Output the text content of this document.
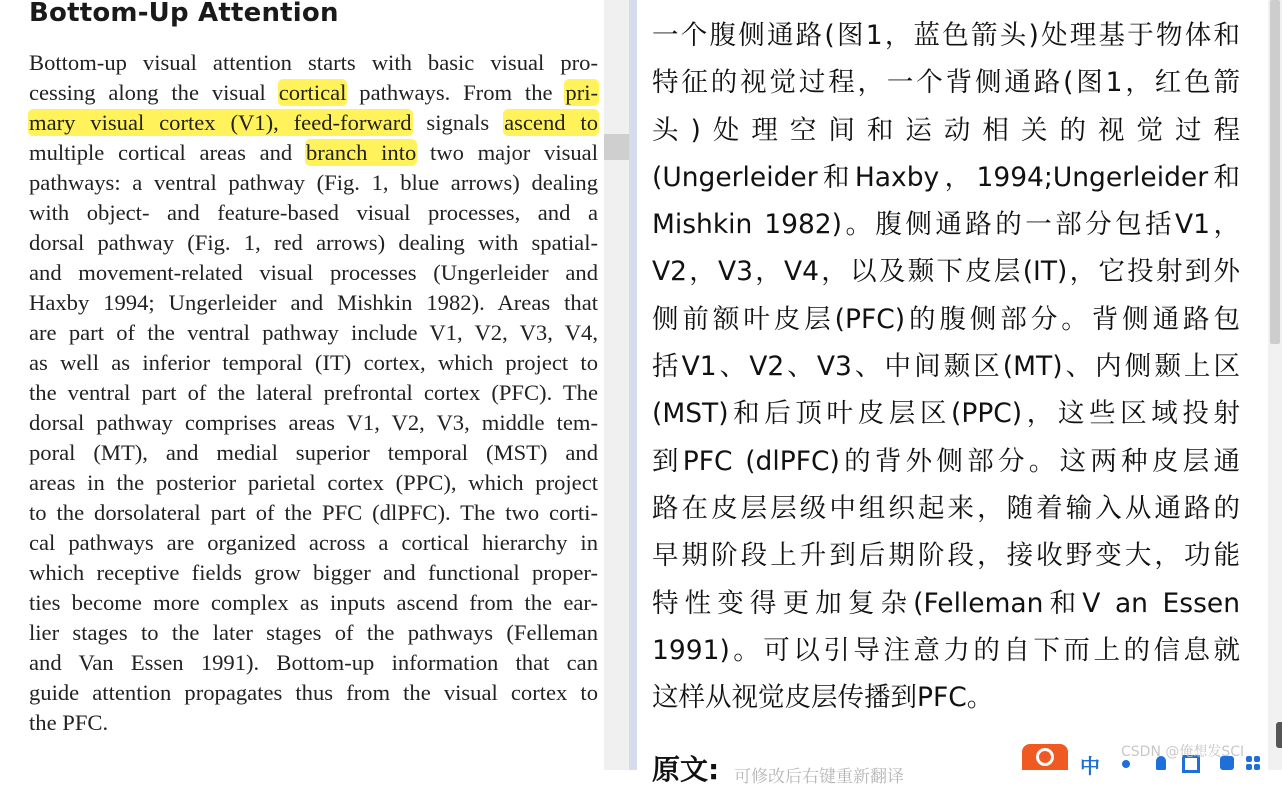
Bottom-Up Attention
Bottom-up visual attention starts with basic visual pro-
cessing along the visual cortical pathways. From the pri-
mary visual cortex (V1), feed-forward signals ascend to
multiple cortical areas and branch into two major visual
pathways: a ventral pathway (Fig. 1, blue arrows) dealing
with object- and feature-based visual processes, and a
dorsal pathway (Fig. 1, red arrows) dealing with spatial-
and movement-related visual processes (Ungerleider and
Haxby 1994; Ungerleider and Mishkin 1982). Areas that
are part of the ventral pathway include V1, V2, V3, V4,
as well as inferior temporal (IT) cortex, which project to
the ventral part of the lateral prefrontal cortex (PFC). The
dorsal pathway comprises areas V1, V2, V3, middle tem-
poral (MT), and medial superior temporal (MST) and
areas in the posterior parietal cortex (PPC), which project
to the dorsolateral part of the PFC (dlPFC). The two corti-
cal pathways are organized across a cortical hierarchy in
which receptive fields grow bigger and functional proper-
ties become more complex as inputs ascend from the ear-
lier stages to the later stages of the pathways (Felleman
and Van Essen 1991). Bottom-up information that can
guide attention propagates thus from the visual cortex to
the PFC.
一个腹侧通路(图1，蓝色箭头)处理基于物体和
特征的视觉过程，一个背侧通路(图1，红色箭
头)处理空间和运动相关的视觉过程
(Ungerleider和Haxby，1994;Ungerleider和
Mishkin 1982)。腹侧通路的一部分包括V1，
V2，V3，V4，以及颞下皮层(IT)，它投射到外
侧前额叶皮层(PFC)的腹侧部分。背侧通路包
括V1、V2、V3、中间颞区(MT)、内侧颞上区
(MST)和后顶叶皮层区(PPC)，这些区域投射
到PFC (dlPFC)的背外侧部分。这两种皮层通
路在皮层层级中组织起来，随着输入从通路的
早期阶段上升到后期阶段，接收野变大，功能
特性变得更加复杂(Felleman和V an Essen
1991)。可以引导注意力的自下而上的信息就
这样从视觉皮层传播到PFC。
原文: 可修改后右键重新翻译	中
CSDN @俺想发SCI
